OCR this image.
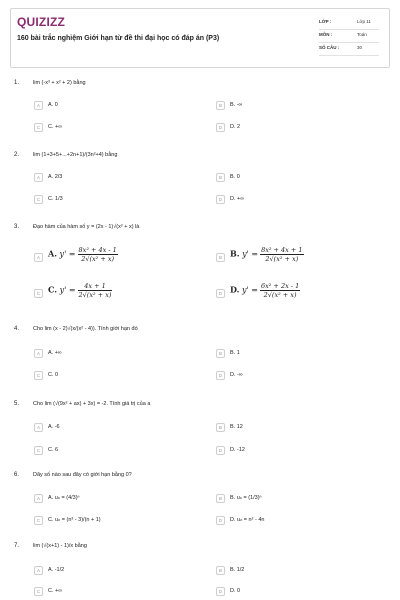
QUIZIZZ
160 bài trắc nghiệm Giới hạn từ đề thi đại học có đáp án (P3)
LỚP :	Lớp 11
MÔN :	Toán
SỐ CÂU :	30
1.	lim (-x³ + x² + 2) bằng
A	A. 0	B	B. -∞
C	C. +∞	D	D. 2
2.	lim (1+3+5+...+2n+1)/(3n²+4) bằng
A	A. 2/3	B	B. 0
C	C. 1/3	D	D. +∞
3.	Đạo hàm của hàm số y = (2x - 1)√(x² + x) là
A	A. $y' = \frac{\text{8x² + 4x - 1}}{\text{2√(x² + x)}}$	B	B. $y' = \frac{\text{8x² + 4x + 1}}{\text{2√(x² + x)}}$
C C. $y' = \frac{4x + 1}{\text{2√(x² + x)}}$	D D. $y' = \frac{\text{6x² + 2x - 1}}{\text{2√(x² + x)}}$
4.	Cho lim (x - 2)√(x/(x² - 4)). Tính giới hạn đó
A	A. +∞	B	B. 1
C	C. 0	D	D. -∞
5.	Cho lim (√(9x² + ax) + 3x) = -2. Tính giá trị của a
A	A. -6	B	B. 12
C	C. 6	D	D. -12
6.	Dãy số nào sau đây có giới hạn bằng 0?
A	A. uₙ = (4/3)ⁿ	B	B. uₙ = (1/3)ⁿ
C	C. uₙ = (n³ - 3)/(n + 1)	D	D. uₙ = n² - 4n
7.	lim (√(x+1) - 1)/x bằng
A	A. -1/2	B	B. 1/2
C	C. +∞	D	D. 0
